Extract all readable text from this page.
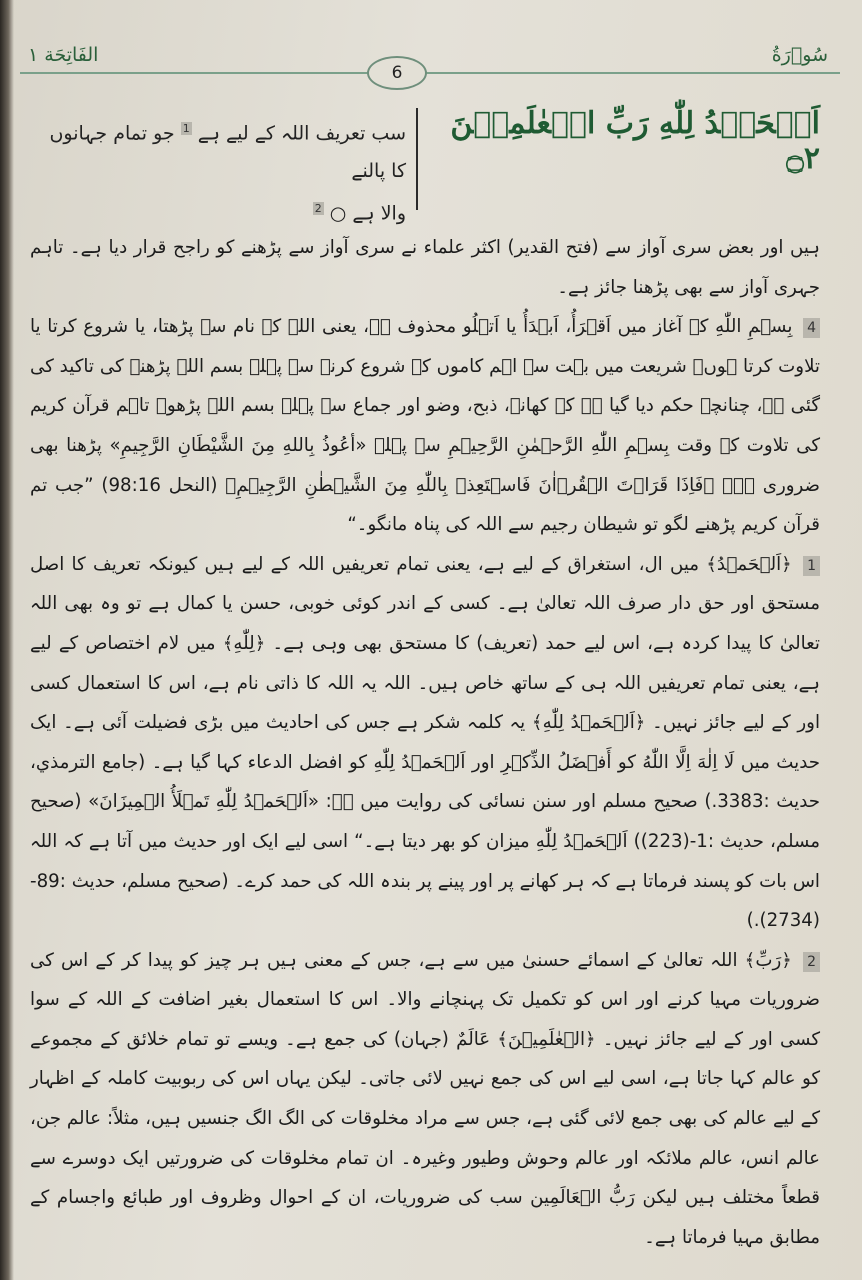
الفَاتِحَة ١	سُوۡرَةُ
6
اَلۡحَمۡدُ لِلّٰهِ رَبِّ الۡعٰلَمِيۡنَ ۝٢
سب تعریف اللہ کے لیے ہے $^1$ جو تمام جہانوں کا پالنے
والا ہے ○ $^2$

ہیں اور بعض سری آواز سے (فتح القدیر) اکثر علماء نے سری آواز سے پڑھنے کو راجح قرار دیا ہے۔ تاہم جہری آواز سے بھی پڑھنا جائز ہے۔

4 بِسۡمِ اللّٰهِ کے آغاز میں اَقۡرَأُ، اَبۡدَأُ یا اَتۡلُو محذوف ہے، یعنی اللہ کے نام سے پڑھتا، یا شروع کرتا یا تلاوت کرتا ہوں۔ شریعت میں بہت سے اہم کاموں کے شروع کرنے سے پہلے بسم اللہ پڑھنے کی تاکید کی گئی ہے، چنانچہ حکم دیا گیا ہے کہ کھانے، ذبح، وضو اور جماع سے پہلے بسم اللہ پڑھو۔ تاہم قرآن کریم کی تلاوت کے وقت بِسۡمِ اللّٰهِ الرَّحۡمٰنِ الرَّحِيۡمِ سے پہلے «أعُوذُ بِاللهِ مِنَ الشَّيْطَانِ الرَّجِيمِ» پڑھنا بھی ضروری ہے۔ ﴿فَاِذَا قَرَاۡتَ الۡقُرۡاٰنَ فَاسۡتَعِذۡ بِاللّٰهِ مِنَ الشَّيۡطٰنِ الرَّجِيۡمِ﴾ (النحل 98:16) ”جب تم قرآن کریم پڑھنے لگو تو شیطان رجیم سے اللہ کی پناہ مانگو۔“

1 ﴿اَلۡحَمۡدُ﴾ میں ال، استغراق کے لیے ہے، یعنی تمام تعریفیں اللہ کے لیے ہیں کیونکہ تعریف کا اصل مستحق اور حق دار صرف اللہ تعالیٰ ہے۔ کسی کے اندر کوئی خوبی، حسن یا کمال ہے تو وہ بھی اللہ تعالیٰ کا پیدا کردہ ہے، اس لیے حمد (تعریف) کا مستحق بھی وہی ہے۔ ﴿لِلّٰهِ﴾ میں لام اختصاص کے لیے ہے، یعنی تمام تعریفیں اللہ ہی کے ساتھ خاص ہیں۔ اللہ یہ اللہ کا ذاتی نام ہے، اس کا استعمال کسی اور کے لیے جائز نہیں۔ ﴿اَلۡحَمۡدُ لِلّٰهِ﴾ یہ کلمہ شکر ہے جس کی احادیث میں بڑی فضیلت آئی ہے۔ ایک حدیث میں لَا اِلٰهَ اِلَّا اللّٰهُ کو أَفۡضَلُ الذِّكۡرِ اور اَلۡحَمۡدُ لِلّٰهِ کو افضل الدعاء کہا گیا ہے۔ (جامع الترمذي، حديث :3383.) صحیح مسلم اور سنن نسائی کی روایت میں ہے: «اَلۡحَمۡدُ لِلّٰهِ تَمۡلَأُ الۡمِيزَانَ» (صحيح مسلم، حديث :1-(223)) اَلۡحَمۡدُ لِلّٰهِ میزان کو بھر دیتا ہے۔“ اسی لیے ایک اور حدیث میں آتا ہے کہ اللہ اس بات کو پسند فرماتا ہے کہ ہر کھانے پر اور پینے پر بندہ اللہ کی حمد کرے۔ (صحيح مسلم، حديث :89-(2734).)

2 ﴿رَبِّ﴾ اللہ تعالیٰ کے اسمائے حسنیٰ میں سے ہے، جس کے معنی ہیں ہر چیز کو پیدا کر کے اس کی ضروریات مہیا کرنے اور اس کو تکمیل تک پہنچانے والا۔ اس کا استعمال بغیر اضافت کے اللہ کے سوا کسی اور کے لیے جائز نہیں۔ ﴿الۡعٰلَمِيۡنَ﴾ عَالَمٌ (جہان) کی جمع ہے۔ ویسے تو تمام خلائق کے مجموعے کو عالم کہا جاتا ہے، اسی لیے اس کی جمع نہیں لائی جاتی۔ لیکن یہاں اس کی ربوبیت کاملہ کے اظہار کے لیے عالم کی بھی جمع لائی گئی ہے، جس سے مراد مخلوقات کی الگ الگ جنسیں ہیں، مثلاً: عالم جن، عالم انس، عالم ملائکہ اور عالم وحوش وطیور وغیرہ۔ ان تمام مخلوقات کی ضرورتیں ایک دوسرے سے قطعاً مختلف ہیں لیکن رَبُّ الۡعَالَمِين سب کی ضروریات، ان کے احوال وظروف اور طبائع واجسام کے مطابق مہیا فرماتا ہے۔
